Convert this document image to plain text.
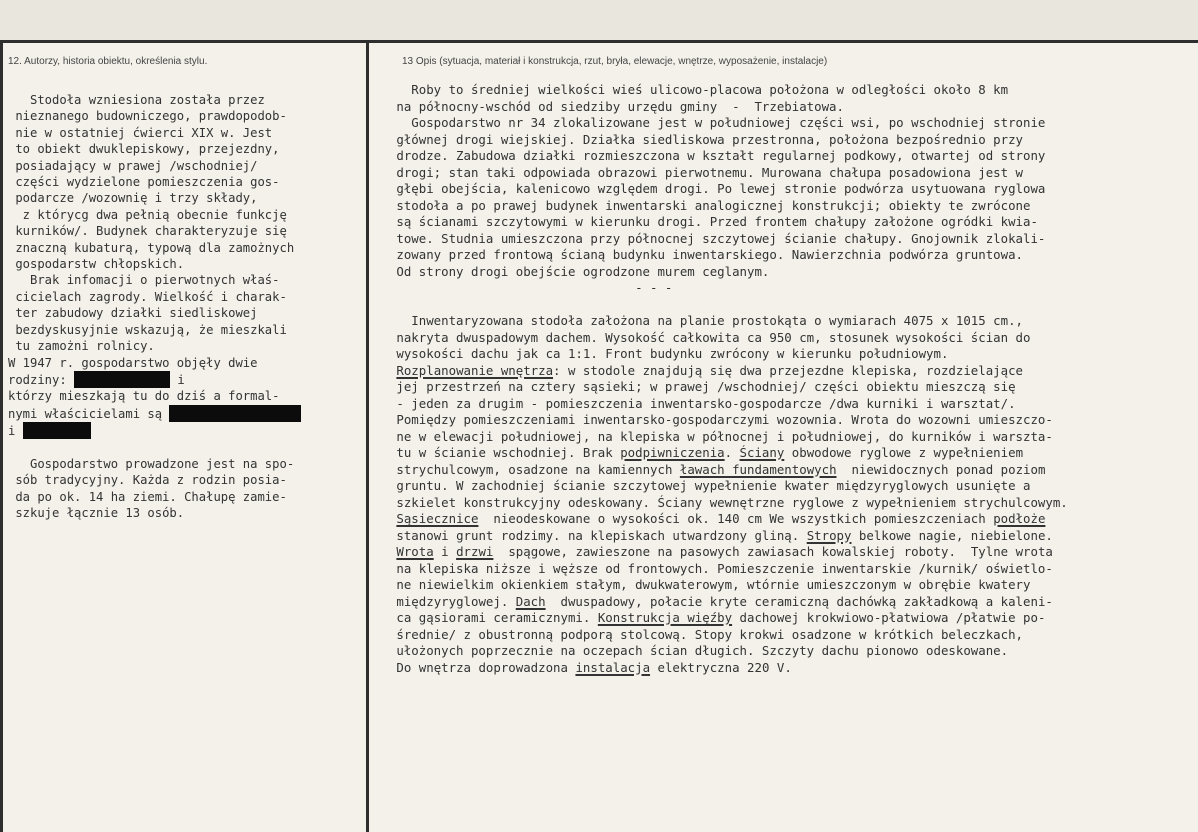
12. Autorzy, historia obiektu, określenia stylu.	13 Opis (sytuacja, materiał i konstrukcja, rzut, bryła, elewacje, wnętrze, wyposażenie, instalacje)
Stodoła wzniesiona została przez
nieznanego budowniczego, prawdopodob-
nie w ostatniej ćwierci XIX w. Jest
to obiekt dwuklepiskowy, przejezdny,
posiadający w prawej /wschodniej/
części wydzielone pomieszczenia gos-
podarcze /wozownię i trzy składy,
z którycg dwa pełnią obecnie funkcję
kurników/. Budynek charakteryzuje się
znaczną kubaturą, typową dla zamożnych
gospodarstw chłopskich.
Brak infomacji o pierwotnych właś-
cicielach zagrody. Wielkość i charak-
ter zabudowy działki siedliskowej
bezdyskusyjnie wskazują, że mieszkali
tu zamożni rolnicy.
W 1947 r. gospodarstwo objęły dwie
rodziny:	i
którzy mieszkają tu do dziś a formal-
nymi właścicielami są
i

Gospodarstwo prowadzone jest na spo-
sób tradycyjny. Każda z rodzin posia-
da po ok. 14 ha ziemi. Chałupę zamie-
szkuje łącznie 13 osób.
Roby to średniej wielkości wieś ulicowo-placowa położona w odległości około 8 km
na północny-wschód od siedziby urzędu gminy  -  Trzebiatowa.
Gospodarstwo nr 34 zlokalizowane jest w południowej części wsi, po wschodniej stronie
głównej drogi wiejskiej. Działka siedliskowa przestronna, położona bezpośrednio przy
drodze. Zabudowa działki rozmieszczona w kształt regularnej podkowy, otwartej od strony
drogi; stan taki odpowiada obrazowi pierwotnemu. Murowana chałupa posadowiona jest w
głębi obejścia, kalenicowo względem drogi. Po lewej stronie podwórza usytuowana ryglowa
stodoła a po prawej budynek inwentarski analogicznej konstrukcji; obiekty te zwrócone
są ścianami szczytowymi w kierunku drogi. Przed frontem chałupy założone ogródki kwia-
towe. Studnia umieszczona przy północnej szczytowej ścianie chałupy. Gnojownik zlokali-
zowany przed frontową ścianą budynku inwentarskiego. Nawierzchnia podwórza gruntowa.
Od strony drogi obejście ogrodzone murem ceglanym.
- - -

Inwentaryzowana stodoła założona na planie prostokąta o wymiarach 4075 x 1015 cm.,
nakryta dwuspadowym dachem. Wysokość całkowita ca 950 cm, stosunek wysokości ścian do
wysokości dachu jak ca 1:1. Front budynku zwrócony w kierunku południowym.
Rozplanowanie wnętrza: w stodole znajdują się dwa przejezdne klepiska, rozdzielające
jej przestrzeń na cztery sąsieki; w prawej /wschodniej/ części obiektu mieszczą się
- jeden za drugim - pomieszczenia inwentarsko-gospodarcze /dwa kurniki i warsztat/.
Pomiędzy pomieszczeniami inwentarsko-gospodarczymi wozownia. Wrota do wozowni umieszczo-
ne w elewacji południowej, na klepiska w północnej i południowej, do kurników i warszta-
tu w ścianie wschodniej. Brak podpiwniczenia. Ściany obwodowe ryglowe z wypełnieniem
strychulcowym, osadzone na kamiennych ławach fundamentowych  niewidocznych ponad poziom
gruntu. W zachodniej ścianie szczytowej wypełnienie kwater międzyryglowych usunięte a
szkielet konstrukcyjny odeskowany. Ściany wewnętrzne ryglowe z wypełnieniem strychulcowym.
Sąsiecznice  nieodeskowane o wysokości ok. 140 cm We wszystkich pomieszczeniach podłoże
stanowi grunt rodzimy. na klepiskach utwardzony gliną. Stropy belkowe nagie, niebielone.
Wrota i drzwi  spągowe, zawieszone na pasowych zawiasach kowalskiej roboty.  Tylne wrota
na klepiska niższe i węższe od frontowych. Pomieszczenie inwentarskie /kurnik/ oświetlo-
ne niewielkim okienkiem stałym, dwukwaterowym, wtórnie umieszczonym w obrębie kwatery
międzyryglowej. Dach  dwuspadowy, połacie kryte ceramiczną dachówką zakładkową a kaleni-
ca gąsiorami ceramicznymi. Konstrukcja więźby dachowej krokwiowo-płatwiowa /płatwie po-
średnie/ z obustronną podporą stolcową. Stopy krokwi osadzone w krótkich beleczkach,
ułożonych poprzecznie na oczepach ścian długich. Szczyty dachu pionowo odeskowane.
Do wnętrza doprowadzona instalacja elektryczna 220 V.
